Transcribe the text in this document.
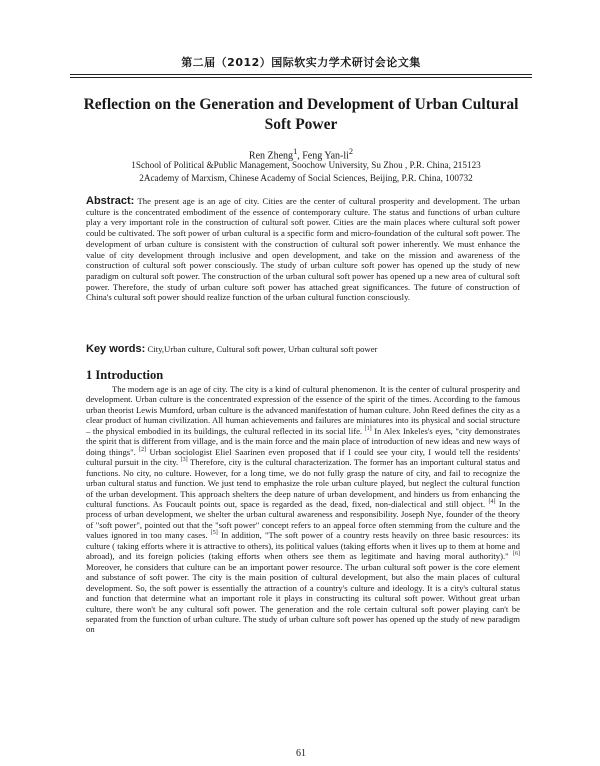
第二届（2012）国际软实力学术研讨会论文集
Reflection on the Generation and Development of Urban Cultural
Soft Power
Ren Zheng$^1$, Feng Yan-$li^2$
1School of Political &Public Management, Soochow University, Su Zhou , P.R. China, 215123
2Academy of Marxism, Chinese Academy of Social Sciences, Beijing, P.R. China, 100732
Abstract: The present age is an age of city. Cities are the center of cultural prosperity and development. The urban culture is the concentrated embodiment of the essence of contemporary culture. The status and functions of urban culture play a very important role in the construction of cultural soft power. Cities are the main places where cultural soft power could be cultivated. The soft power of urban cultural is a specific form and micro-foundation of the cultural soft power. The development of urban culture is consistent with the construction of cultural soft power inherently. We must enhance the value of city development through inclusive and open development, and take on the mission and awareness of the construction of cultural soft power consciously. The study of urban culture soft power has opened up the study of new paradigm on cultural soft power. The construction of the urban cultural soft power has opened up a new area of cultural soft power. Therefore, the study of urban culture soft power has attached great significances. The future of construction of China's cultural soft power should realize function of the urban cultural function consciously.
Key words: City,Urban culture, Cultural soft power, Urban cultural soft power
1 Introduction

The modern age is an age of city. The city is a kind of cultural phenomenon. It is the center of cultural prosperity and development. Urban culture is the concentrated expression of the essence of the spirit of the times. According to the famous urban theorist Lewis Mumford, urban culture is the advanced manifestation of human culture. John Reed defines the city as a clear product of human civilization. All human achievements and failures are miniatures into its physical and social structure – the physical embodied in its buildings, the cultural reflected in its social life. [1] In Alex Inkeles's eyes, "city demonstrates the spirit that is different from village, and is the main force and the main place of introduction of new ideas and new ways of doing things". [2] Urban sociologist Eliel Saarinen even proposed that if I could see your city, I would tell the residents' cultural pursuit in the city. [3] Therefore, city is the cultural characterization. The former has an important cultural status and functions. No city, no culture. However, for a long time, we do not fully grasp the nature of city, and fail to recognize the urban cultural status and function. We just tend to emphasize the role urban culture played, but neglect the cultural function of the urban development. This approach shelters the deep nature of urban development, and hinders us from enhancing the cultural functions. As Foucault points out, space is regarded as the dead, fixed, non-dialectical and still object. [4] In the process of urban development, we shelter the urban cultural awareness and responsibility. Joseph Nye, founder of the theory of "soft power", pointed out that the "soft power" concept refers to an appeal force often stemming from the culture and the values ignored in too many cases. [5] In addition, "The soft power of a country rests heavily on three basic resources: its culture ( taking efforts where it is attractive to others), its political values (taking efforts when it lives up to them at home and abroad), and its foreign policies (taking efforts when others see them as legitimate and having moral authority)." [6] Moreover, he considers that culture can be an important power resource. The urban cultural soft power is the core element and substance of soft power. The city is the main position of cultural development, but also the main places of cultural development. So, the soft power is essentially the attraction of a country's culture and ideology. It is a city's cultural status and function that determine what an important role it plays in constructing its cultural soft power. Without great urban culture, there won't be any cultural soft power. The generation and the role certain cultural soft power playing can't be separated from the function of urban culture. The study of urban culture soft power has opened up the study of new paradigm on

61
